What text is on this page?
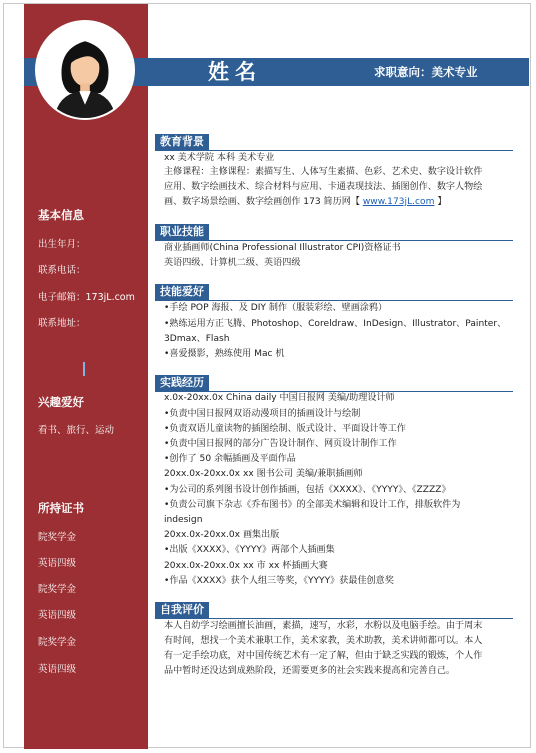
姓名	求职意向：美术专业
基本信息
出生年月：
联系电话：
电子邮箱：173jL.com
联系地址：
兴趣爱好
看书、旅行、运动
所持证书
院奖学金
英语四级
院奖学金
英语四级
院奖学金
英语四级
教育背景
xx 美术学院 本科 美术专业
主修课程：主修课程：素描写生、人体写生素描、色彩、艺术史、数字设计软件
应用、数字绘画技术、综合材料与应用、卡通表现技法、插图创作、数字人物绘
画、数字场景绘画、数字绘画创作 173 简历网【 www.173jL.com 】
职业技能
商业插画师(China Professional Illustrator CPI)资格证书
英语四级、计算机二级、英语四级
技能爱好
•手绘 POP 海报、及 DIY 制作（服装彩绘、壁画涂鸦）
•熟练运用方正飞腾、Photoshop、Coreldraw、InDesign、Illustrator、Painter、
3Dmax、Flash
•喜爱摄影，熟练使用 Mac 机
实践经历
x.0x-20xx.0x China daily 中国日报网 美编/助理设计师
•负责中国日报网双语动漫项目的插画设计与绘制
•负责双语儿童读物的插图绘制、版式设计、平面设计等工作
•负责中国日报网的部分广告设计制作、网页设计制作工作
•创作了 50 余幅插画及平面作品
20xx.0x-20xx.0x xx 图书公司 美编/兼职插画师
•为公司的系列图书设计创作插画，包括《XXXX》、《YYYY》、《ZZZZ》
•负责公司旗下杂志《乔布图书》的全部美术编辑和设计工作，排版软件为
indesign
20xx.0x-20xx.0x 画集出版
•出版《XXXX》、《YYYY》两部个人插画集
20xx.0x-20xx.0x xx 市 xx 杯插画大赛
•作品《XXXX》获个人组三等奖，《YYYY》获最佳创意奖
自我评价
本人自幼学习绘画擅长油画，素描，速写，水彩，水粉以及电脑手绘。由于周末
有时间，想找一个美术兼职工作，美术家教，美术助教，美术讲师都可以。本人
有一定手绘功底，对中国传统艺术有一定了解，但由于缺乏实践的锻炼，个人作
品中暂时还没达到成熟阶段，还需要更多的社会实践来提高和完善自己。
